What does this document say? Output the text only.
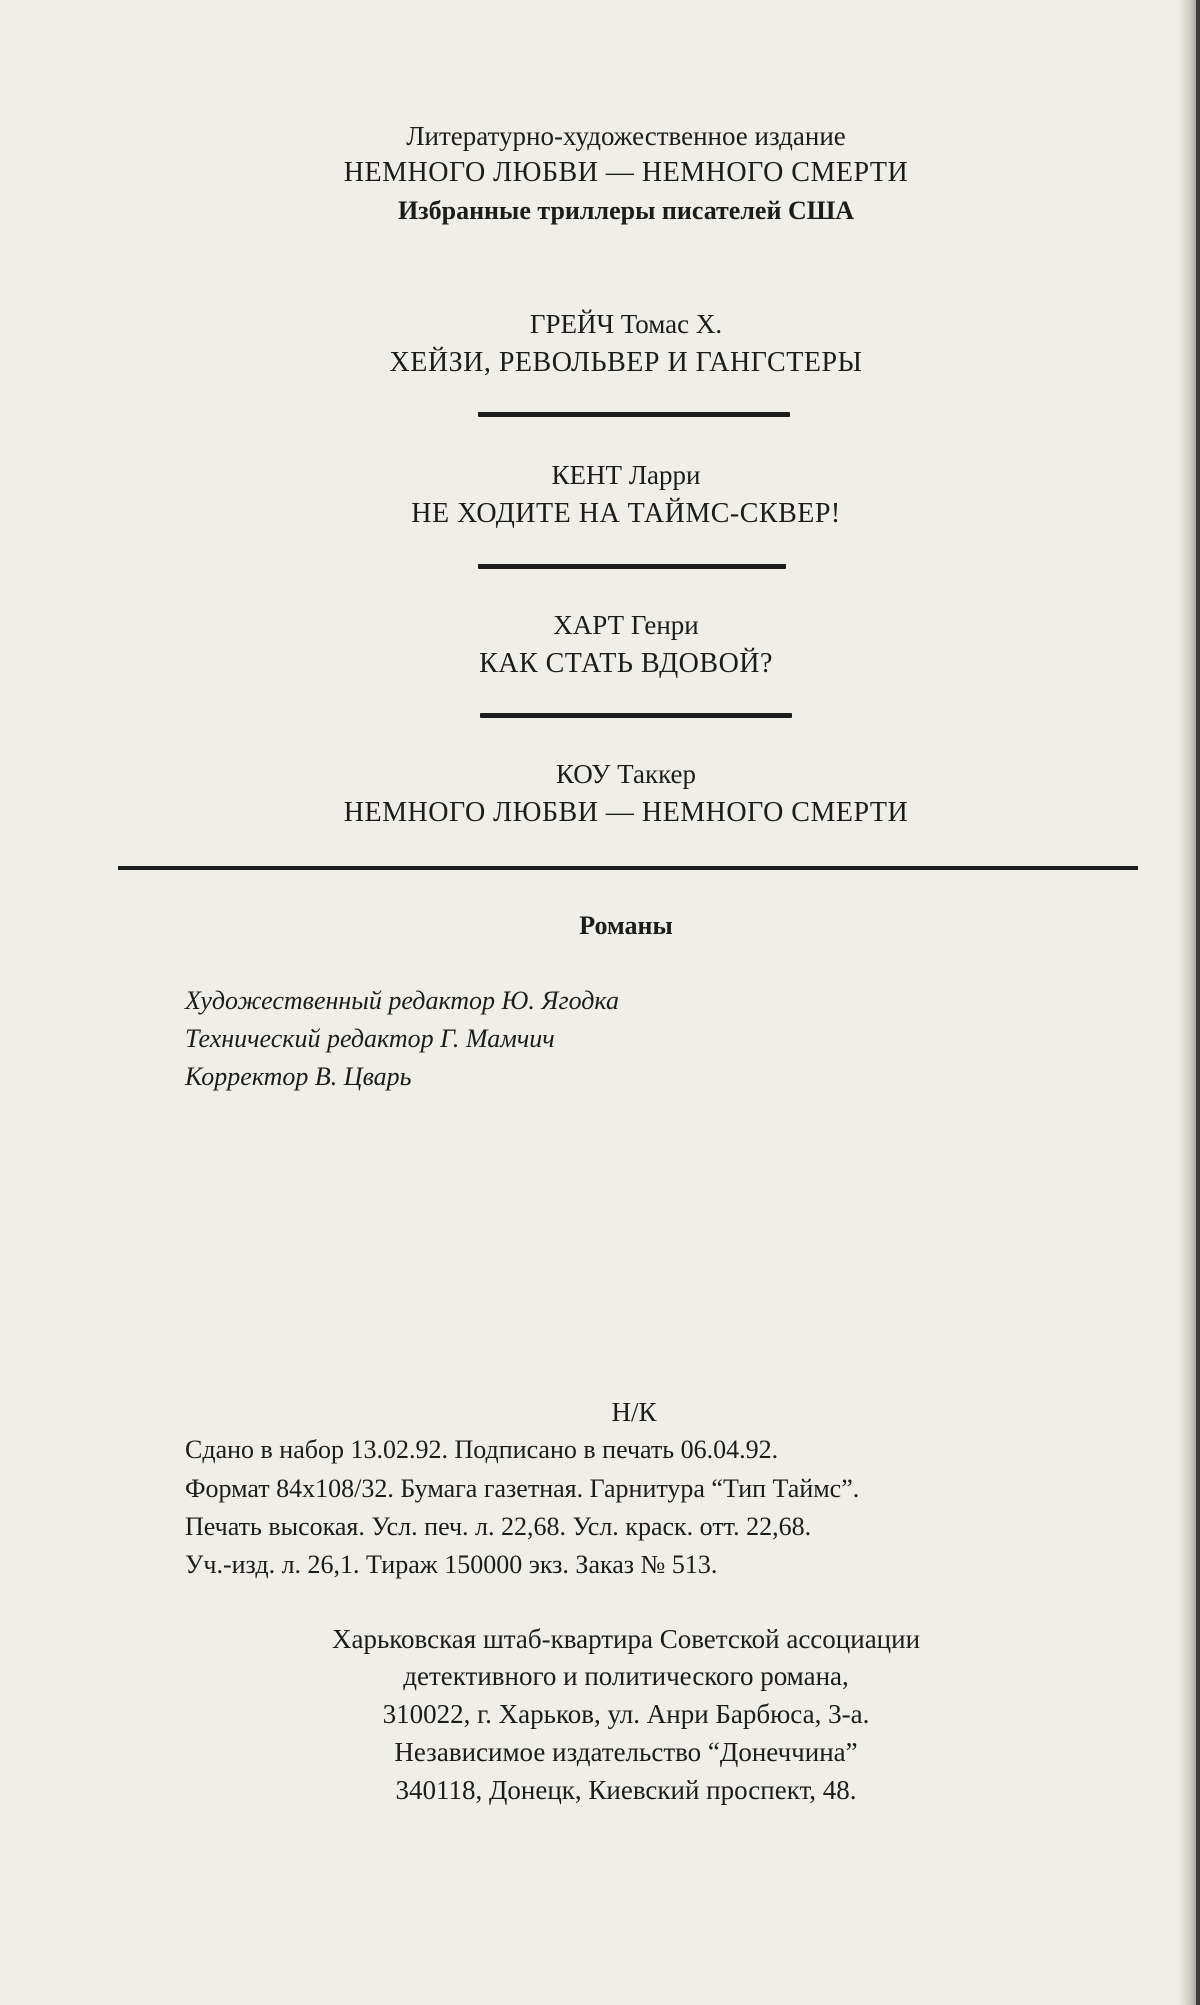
Литературно-художественное издание
НЕМНОГО ЛЮБВИ — НЕМНОГО СМЕРТИ
Избранные триллеры писателей США
ГРЕЙЧ Томас Х.
ХЕЙЗИ, РЕВОЛЬВЕР И ГАНГСТЕРЫ
КЕНТ Ларри
НЕ ХОДИТЕ НА ТАЙМС-СКВЕР!
ХАРТ Генри
КАК СТАТЬ ВДОВОЙ?
КОУ Таккер
НЕМНОГО ЛЮБВИ — НЕМНОГО СМЕРТИ
Романы
Художественный редактор Ю. Ягодка
Технический редактор Г. Мамчич
Корректор В. Цварь
Н/К
Сдано в набор 13.02.92. Подписано в печать 06.04.92.
Формат 84х108/32. Бумага газетная. Гарнитура “Тип Таймс”.
Печать высокая. Усл. печ. л. 22,68. Усл. краск. отт. 22,68.
Уч.-изд. л. 26,1. Тираж 150000 экз. Заказ № 513.
Харьковская штаб-квартира Советской ассоциации
детективного и политического романа,
310022, г. Харьков, ул. Анри Барбюса, 3-а.
Независимое издательство “Донеччина”
340118, Донецк, Киевский проспект, 48.
